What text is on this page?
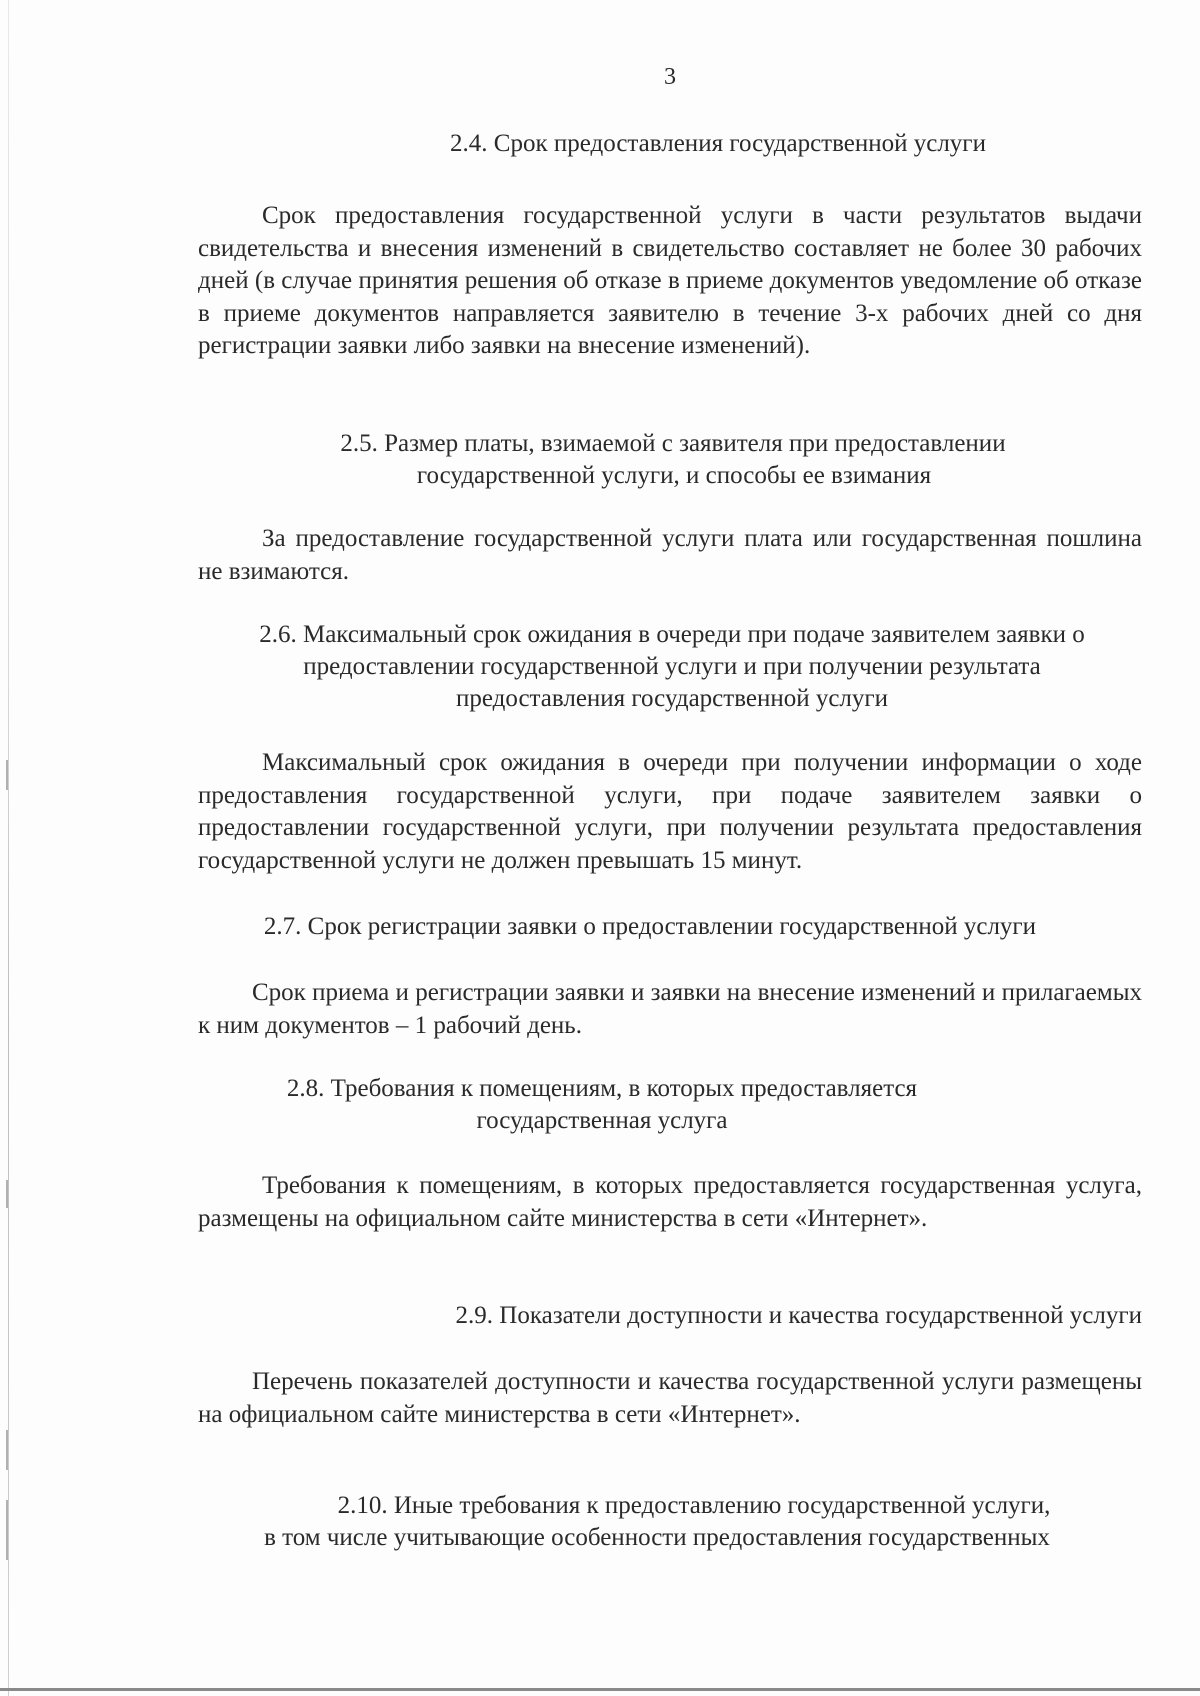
3
2.4. Срок предоставления государственной услуги
Срок предоставления государственной услуги в части результатов выдачи свидетельства и внесения изменений в свидетельство составляет не более 30 рабочих дней (в случае принятия решения об отказе в приеме документов уведомление об отказе в приеме документов направляется заявителю в течение 3-х рабочих дней со дня регистрации заявки либо заявки на внесение изменений).
2.5. Размер платы, взимаемой с заявителя при предоставлении
государственной услуги, и способы ее взимания
За предоставление государственной услуги плата или государственная пошлина не взимаются.
2.6. Максимальный срок ожидания в очереди при подаче заявителем заявки о
предоставлении государственной услуги и при получении результата
предоставления государственной услуги
Максимальный срок ожидания в очереди при получении информации о ходе предоставления государственной услуги, при подаче заявителем заявки о предоставлении государственной услуги, при получении результата предоставления государственной услуги не должен превышать 15 минут.
2.7. Срок регистрации заявки о предоставлении государственной услуги
Срок приема и регистрации заявки и заявки на внесение изменений и прилагаемых к ним документов – 1 рабочий день.
2.8. Требования к помещениям, в которых предоставляется
государственная услуга
Требования к помещениям, в которых предоставляется государственная услуга, размещены на официальном сайте министерства в сети «Интернет».
2.9. Показатели доступности и качества государственной услуги
Перечень показателей доступности и качества государственной услуги размещены на официальном сайте министерства в сети «Интернет».
2.10. Иные требования к предоставлению государственной услуги,
в том числе учитывающие особенности предоставления государственных
